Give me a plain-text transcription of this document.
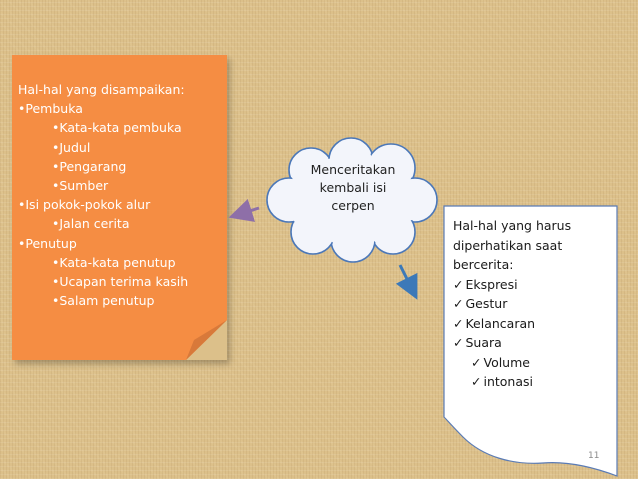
Hal-hal yang disampaikan:
•Pembuka
•Kata-kata pembuka
•Judul
•Pengarang
•Sumber
•Isi pokok-pokok alur
•Jalan cerita
•Penutup
•Kata-kata penutup
•Ucapan terima kasih
•Salam penutup
Menceritakan
kembali isi
cerpen
Hal-hal yang harus
diperhatikan saat
bercerita:
✓ Ekspresi
✓ Gestur
✓ Kelancaran
✓ Suara
✓ Volume
✓ intonasi
11
